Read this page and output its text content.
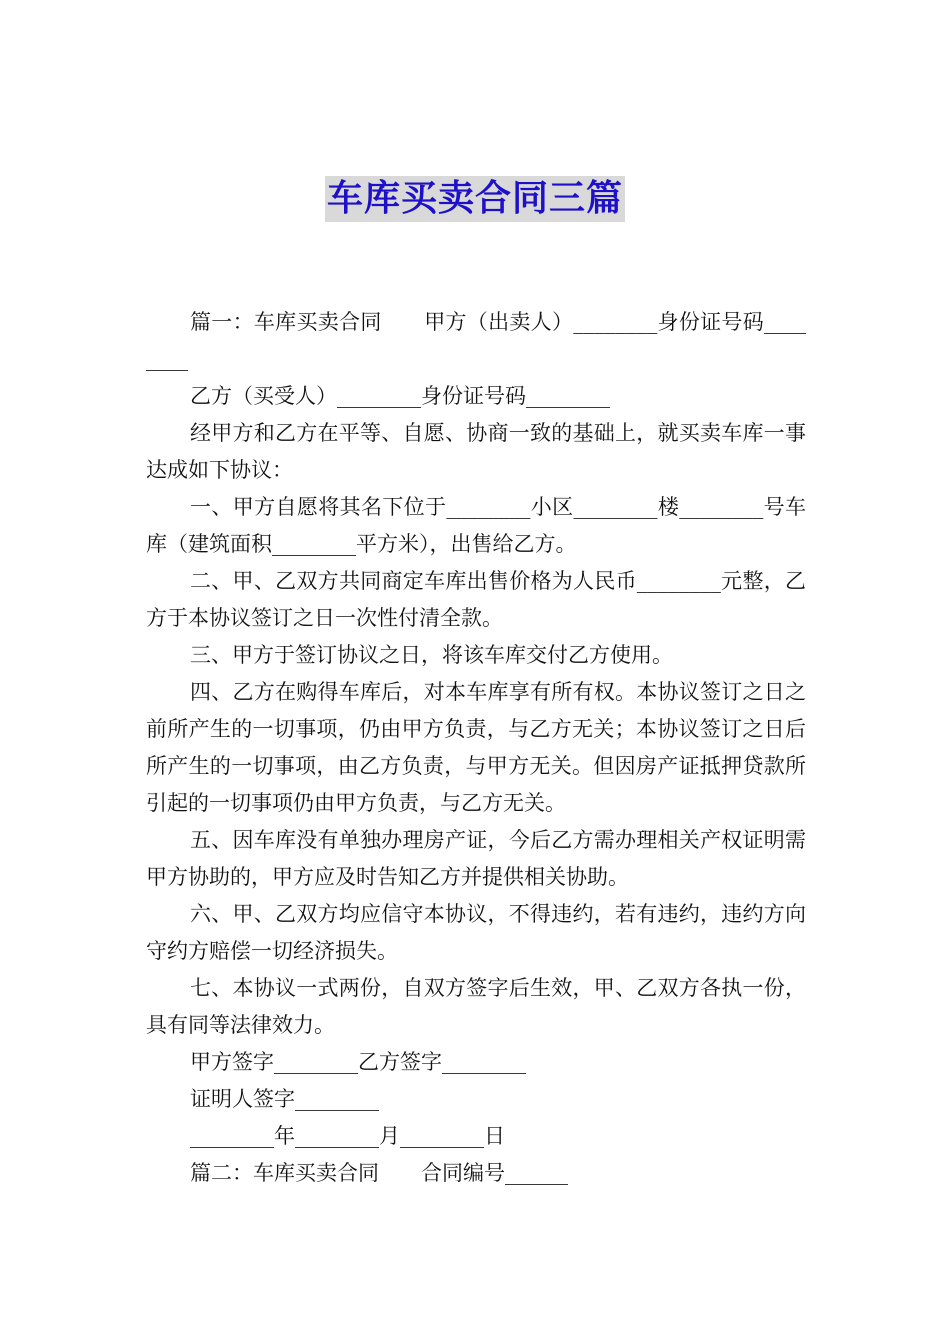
车库买卖合同三篇

篇一：车库买卖合同　　甲方（出卖人）________身份证号码________

乙方（买受人）________身份证号码________

经甲方和乙方在平等、自愿、协商一致的基础上，就买卖车库一事达成如下协议：

一、甲方自愿将其名下位于________小区________楼________号车库（建筑面积________平方米），出售给乙方。

二、甲、乙双方共同商定车库出售价格为人民币________元整，乙方于本协议签订之日一次性付清全款。

三、甲方于签订协议之日，将该车库交付乙方使用。

四、乙方在购得车库后，对本车库享有所有权。本协议签订之日之前所产生的一切事项，仍由甲方负责，与乙方无关；本协议签订之日后所产生的一切事项，由乙方负责，与甲方无关。但因房产证抵押贷款所引起的一切事项仍由甲方负责，与乙方无关。

五、因车库没有单独办理房产证，今后乙方需办理相关产权证明需甲方协助的，甲方应及时告知乙方并提供相关协助。

六、甲、乙双方均应信守本协议，不得违约，若有违约，违约方向守约方赔偿一切经济损失。

七、本协议一式两份，自双方签字后生效，甲、乙双方各执一份，具有同等法律效力。

甲方签字________乙方签字________

证明人签字________

________年________月________日

篇二：车库买卖合同　　合同编号______
